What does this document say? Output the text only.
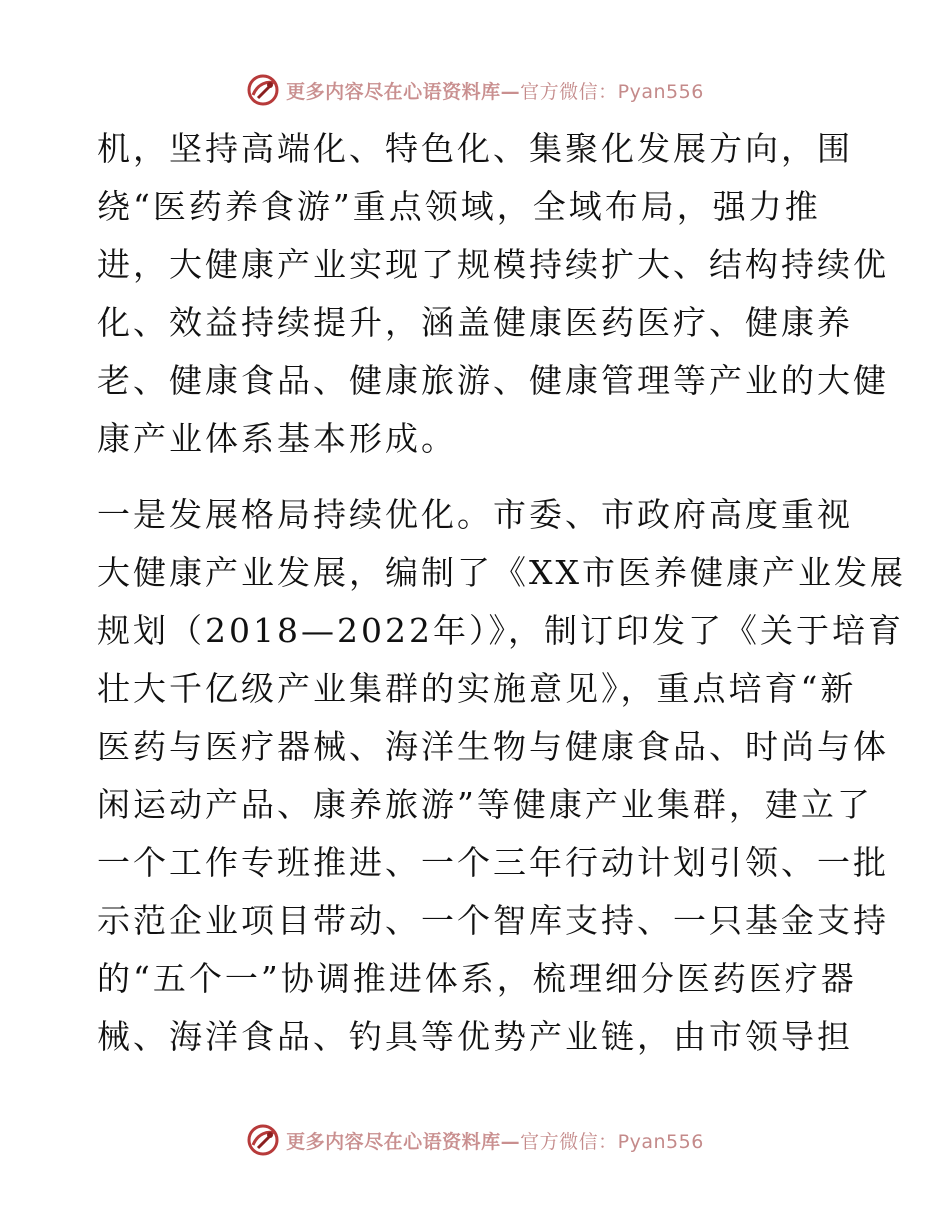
更多内容尽在心语资料库—官方微信：Pyan556
机，坚持高端化、特色化、集聚化发展方向，围
绕“医药养食游”重点领域，全域布局，强力推
进，大健康产业实现了规模持续扩大、结构持续优
化、效益持续提升，涵盖健康医药医疗、健康养
老、健康食品、健康旅游、健康管理等产业的大健
康产业体系基本形成。
一是发展格局持续优化。市委、市政府高度重视
大健康产业发展，编制了《XX市医养健康产业发展
规划（2018—2022年）》，制订印发了《关于培育
壮大千亿级产业集群的实施意见》，重点培育“新
医药与医疗器械、海洋生物与健康食品、时尚与体
闲运动产品、康养旅游”等健康产业集群，建立了
一个工作专班推进、一个三年行动计划引领、一批
示范企业项目带动、一个智库支持、一只基金支持
的“五个一”协调推进体系，梳理细分医药医疗器
械、海洋食品、钓具等优势产业链，由市领导担
更多内容尽在心语资料库—官方微信：Pyan556
